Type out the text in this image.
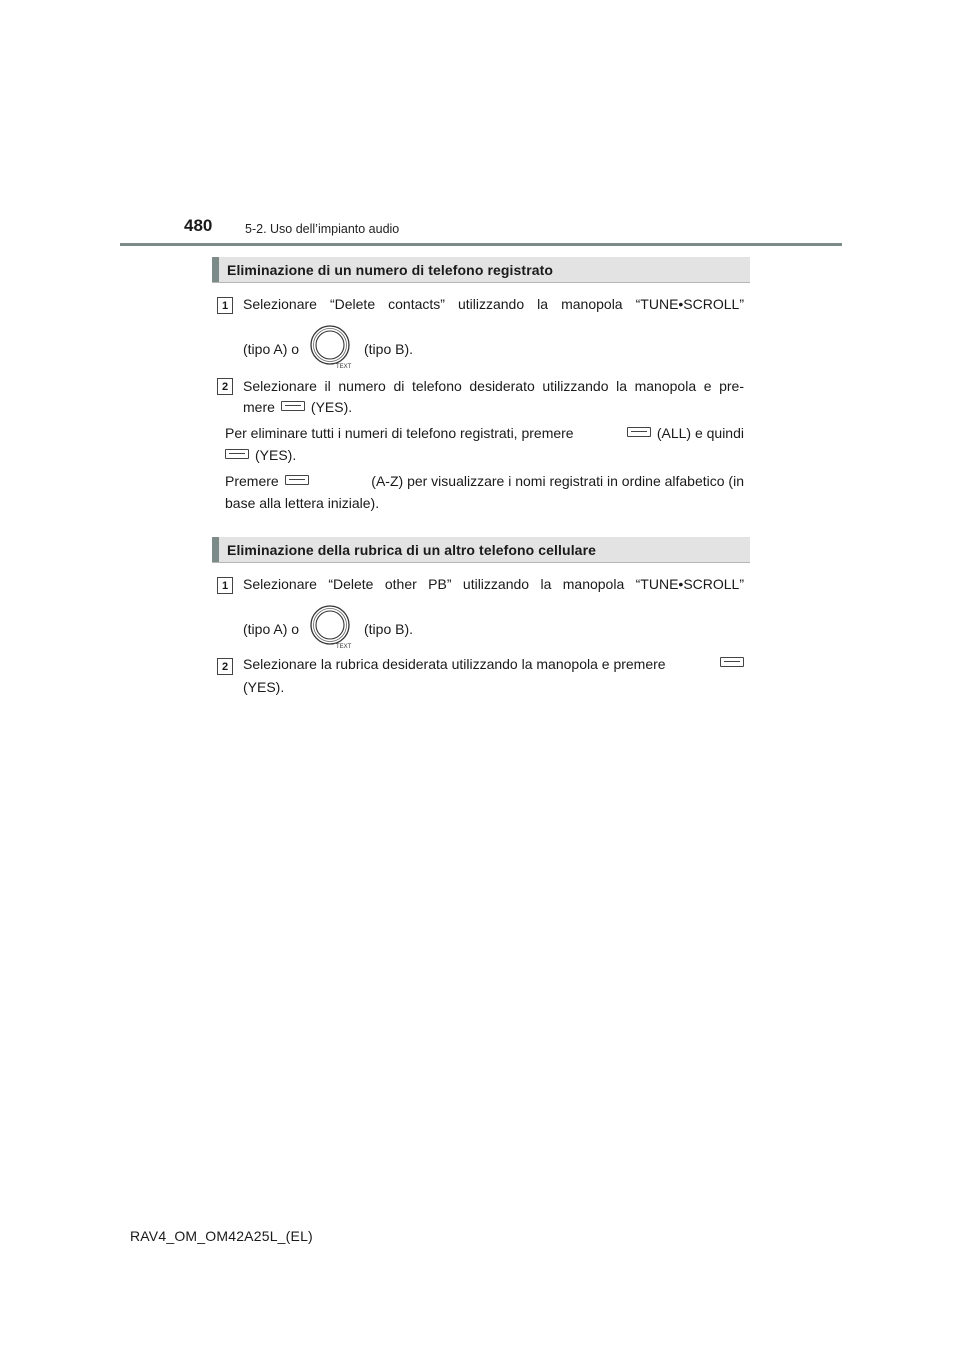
480	5-2. Uso dell’impianto audio
Eliminazione di un numero di telefono registrato
1	Selezionare “Delete contacts” utilizzando la manopola “TUNE•SCROLL”
(tipo A) o
TEXT
(tipo B).
2	Selezionare il numero di telefono desiderato utilizzando la manopola e pre-
mere	(YES).
Per eliminare tutti i numeri di telefono registrati, premere	(ALL) e quindi
(YES).
Premere	(A-Z) per visualizzare i nomi registrati in ordine alfabetico (in
base alla lettera iniziale).
Eliminazione della rubrica di un altro telefono cellulare
1	Selezionare “Delete other PB” utilizzando la manopola “TUNE•SCROLL”
(tipo A) o
TEXT
(tipo B).
2	Selezionare la rubrica desiderata utilizzando la manopola e premere
(YES).
RAV4_OM_OM42A25L_(EL)
